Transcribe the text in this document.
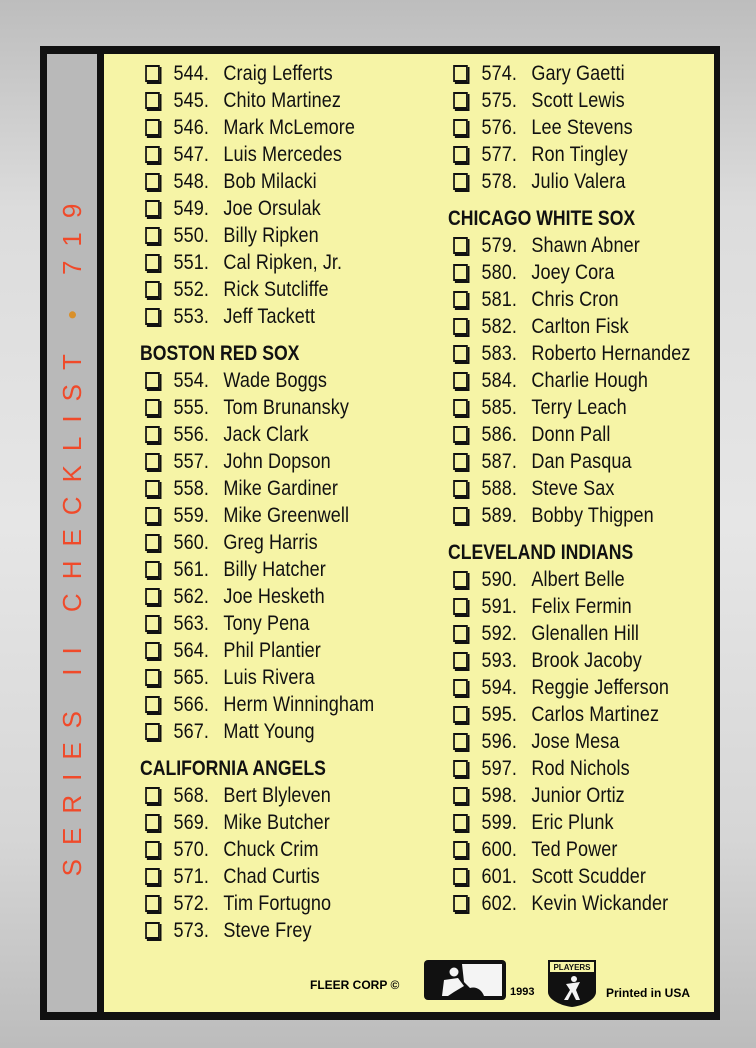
SERIES II CHECKLIST • 719
544. Craig Lefferts
545. Chito Martinez
546. Mark McLemore
547. Luis Mercedes
548. Bob Milacki
549. Joe Orsulak
550. Billy Ripken
551. Cal Ripken, Jr.
552. Rick Sutcliffe
553. Jeff Tackett
BOSTON RED SOX
554. Wade Boggs
555. Tom Brunansky
556. Jack Clark
557. John Dopson
558. Mike Gardiner
559. Mike Greenwell
560. Greg Harris
561. Billy Hatcher
562. Joe Hesketh
563. Tony Pena
564. Phil Plantier
565. Luis Rivera
566. Herm Winningham
567. Matt Young
CALIFORNIA ANGELS
568. Bert Blyleven
569. Mike Butcher
570. Chuck Crim
571. Chad Curtis
572. Tim Fortugno
573. Steve Frey
574. Gary Gaetti
575. Scott Lewis
576. Lee Stevens
577. Ron Tingley
578. Julio Valera
CHICAGO WHITE SOX
579. Shawn Abner
580. Joey Cora
581. Chris Cron
582. Carlton Fisk
583. Roberto Hernandez
584. Charlie Hough
585. Terry Leach
586. Donn Pall
587. Dan Pasqua
588. Steve Sax
589. Bobby Thigpen
CLEVELAND INDIANS
590. Albert Belle
591. Felix Fermin
592. Glenallen Hill
593. Brook Jacoby
594. Reggie Jefferson
595. Carlos Martinez
596. Jose Mesa
597. Rod Nichols
598. Junior Ortiz
599. Eric Plunk
600. Ted Power
601. Scott Scudder
602. Kevin Wickander
FLEER CORP ©	1993
PLAYERS
Printed in USA
